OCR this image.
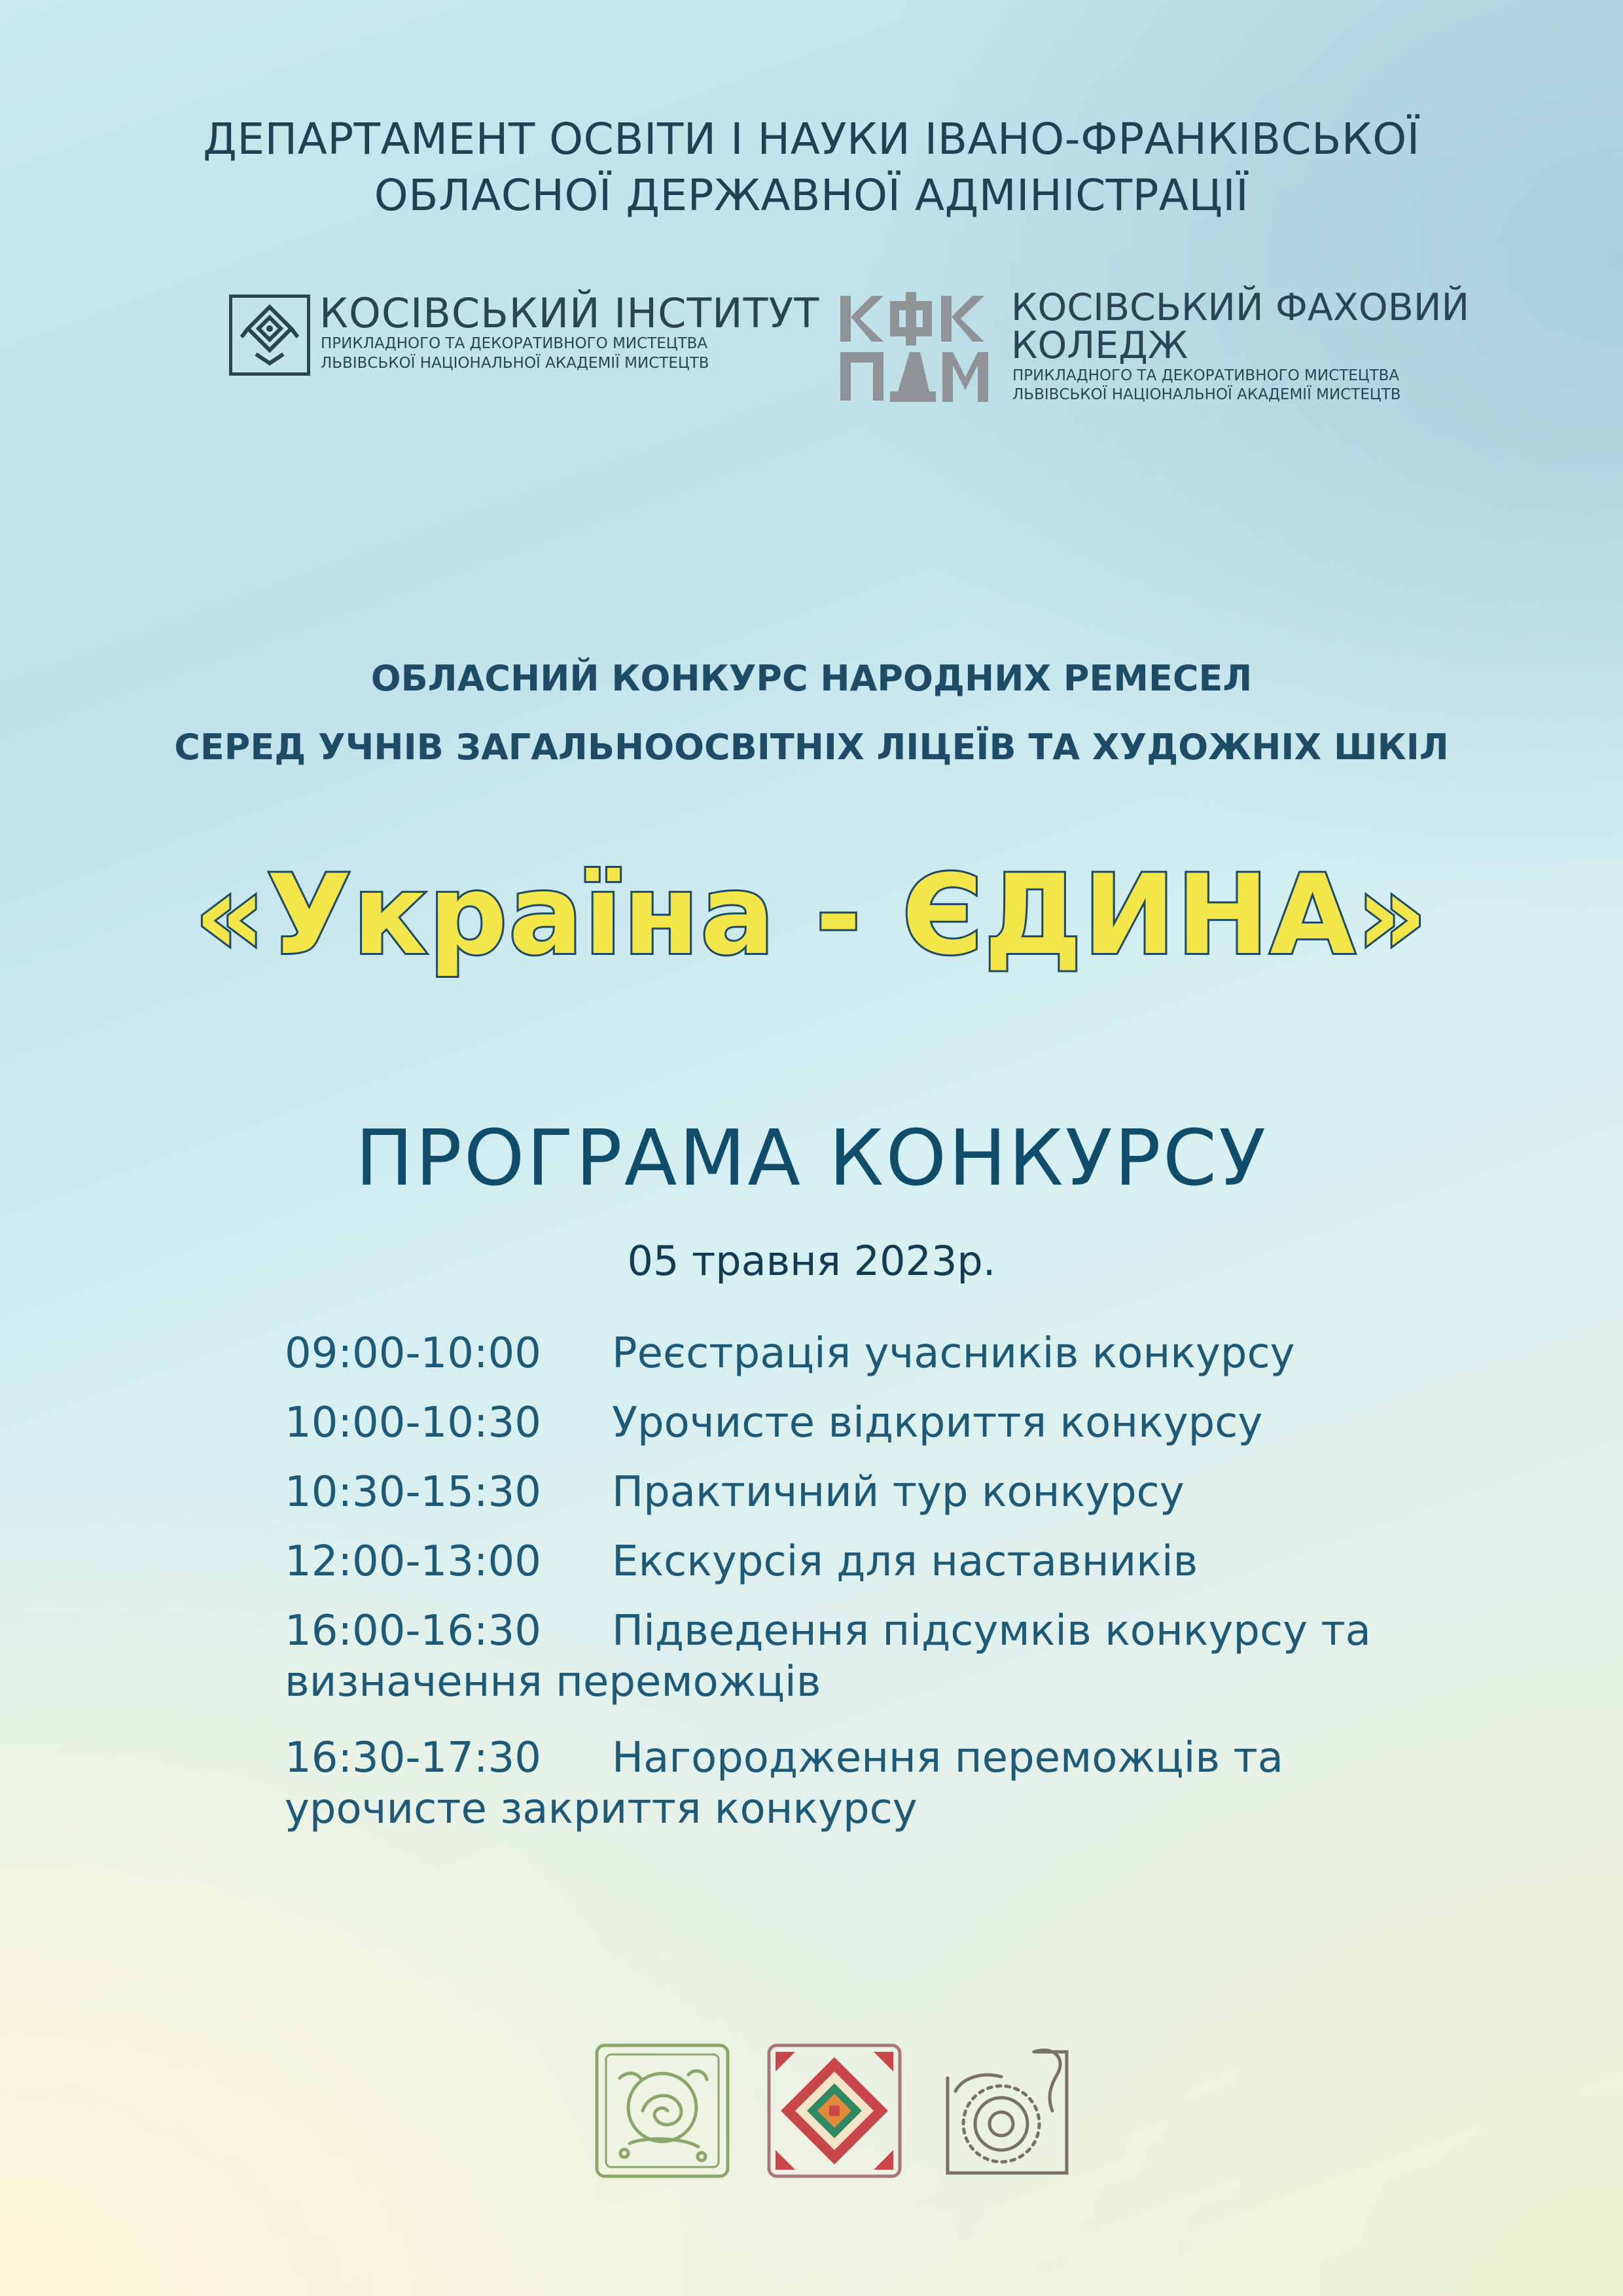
ДЕПАРТАМЕНТ ОСВІТИ І НАУКИ ІВАНО-ФРАНКІВСЬКОЇ
ОБЛАСНОЇ ДЕРЖАВНОЇ АДМІНІСТРАЦІЇ
КОСІВСЬКИЙ ІНСТИТУТ
ПРИКЛАДНОГО ТА ДЕКОРАТИВНОГО МИСТЕЦТВА
ЛЬВІВСЬКОЇ НАЦІОНАЛЬНОЇ АКАДЕМІЇ МИСТЕЦТВ
КОСІВСЬКИЙ ФАХОВИЙ
КОЛЕДЖ
ПРИКЛАДНОГО ТА ДЕКОРАТИВНОГО МИСТЕЦТВА
ЛЬВІВСЬКОЇ НАЦІОНАЛЬНОЇ АКАДЕМІЇ МИСТЕЦТВ
ОБЛАСНИЙ КОНКУРС НАРОДНИХ РЕМЕСЕЛ
СЕРЕД УЧНІВ ЗАГАЛЬНООСВІТНІХ ЛІЦЕЇВ ТА ХУДОЖНІХ ШКІЛ
«Україна - ЄДИНА»
ПРОГРАМА КОНКУРСУ
05 травня 2023р.
09:00-10:00 Реєстрація учасників конкурсу
10:00-10:30 Урочисте відкриття конкурсу
10:30-15:30 Практичний тур конкурсу
12:00-13:00 Екскурсія для наставників
16:00-16:30 Підведення підсумків конкурсу та
визначення переможців
16:30-17:30 Нагородження переможців та
урочисте закриття конкурсу
